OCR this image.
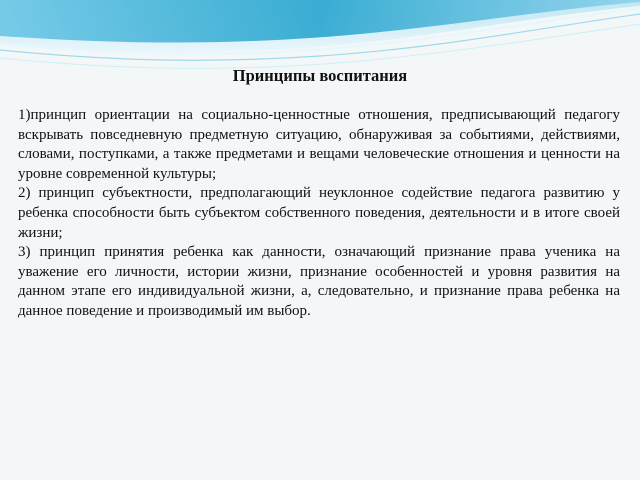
Принципы воспитания

1)принцип ориентации на социально-ценностные отношения, предписывающий педагогу вскрывать повседневную предметную ситуацию, обнаруживая за событиями, действиями, словами, поступками, а также предметами и вещами человеческие отношения и ценности на уровне современной культуры;

2) принцип субъектности, предполагающий неуклонное содействие педагога развитию у ребенка способности быть субъектом собственного поведения, деятельности и в итоге своей жизни;

3) принцип принятия ребенка как данности, означающий признание права ученика на уважение его личности, истории жизни, признание особенностей и уровня развития на данном этапе его индивидуальной жизни, а, следовательно, и признание права ребенка на данное поведение и производимый им выбор.
